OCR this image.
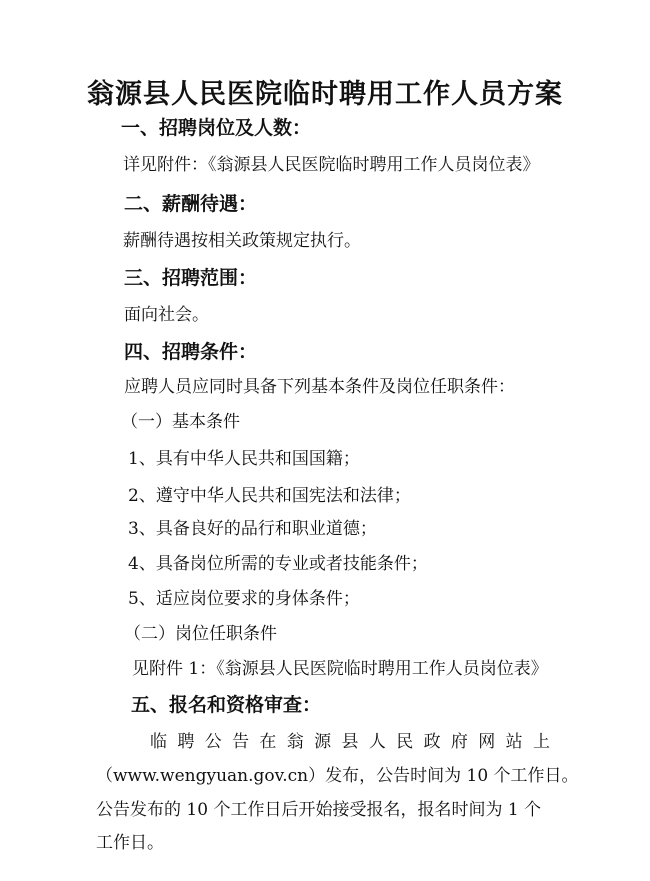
翁源县人民医院临时聘用工作人员方案
一、招聘岗位及人数：
详见附件：《翁源县人民医院临时聘用工作人员岗位表》
二、薪酬待遇：
薪酬待遇按相关政策规定执行。
三、招聘范围：
面向社会。
四、招聘条件：
应聘人员应同时具备下列基本条件及岗位任职条件：
（一）基本条件
1、具有中华人民共和国国籍；
2、遵守中华人民共和国宪法和法律；
3、具备良好的品行和职业道德；
4、具备岗位所需的专业或者技能条件；
5、适应岗位要求的身体条件；
（二）岗位任职条件
见附件 1：《翁源县人民医院临时聘用工作人员岗位表》
五、报名和资格审查：
临聘公告在翁源县人民政府网站上
（www.wengyuan.gov.cn）发布，公告时间为 10 个工作日。
公告发布的 10 个工作日后开始接受报名，报名时间为 1 个
工作日。
